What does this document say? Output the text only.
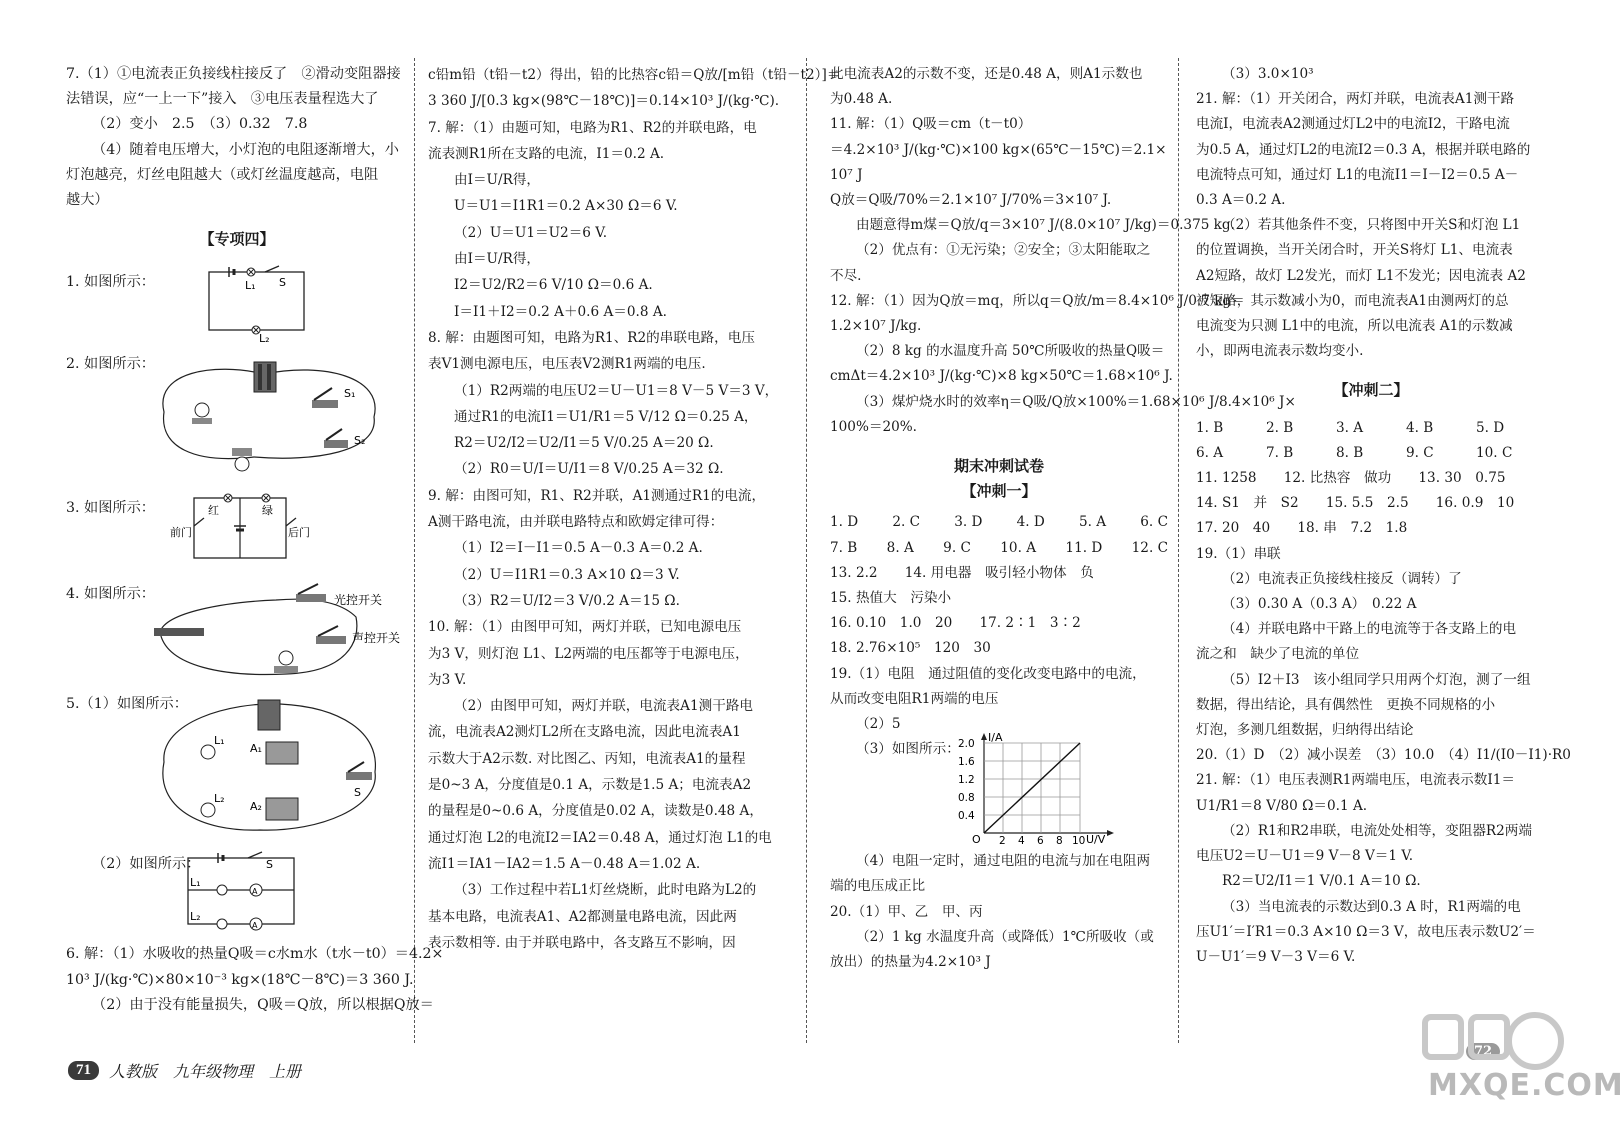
7.（1）①电流表正负接线柱接反了　②滑动变阻器接
法错误，应“一上一下”接入　③电压表量程选大了
（2）变小　2.5　（3）0.32　7.8
（4）随着电压增大，小灯泡的电阻逐渐增大，小
灯泡越亮，灯丝电阻越大（或灯丝温度越高，电阻
越大）
【专项四】
1. 如图所示：	S
L₁
L₂
2. 如图所示：
S₁
S₂
3. 如图所示：	红	绿
前门	后门
4. 如图所示：	光控开关
声控开关
5.（1）如图所示：
L₁
A₁
L₂
A₂
S
（2）如图所示：	S
L₁
A
L₂
A
6. 解：（1）水吸收的热量Q吸＝c水m水（t水－t0）＝4.2×
10³ J/(kg·℃)×80×10⁻³ kg×(18℃－8℃)＝3 360 J.
（2）由于没有能量损失，Q吸＝Q放，所以根据Q放＝
c铅m铅（t铅－t2）得出，铅的比热容c铅＝Q放/[m铅（t铅－t2）]＝
3 360 J/[0.3 kg×(98℃－18℃)]＝0.14×10³ J/(kg·℃).
7. 解：（1）由题可知，电路为R1、R2的并联电路，电
流表测R1所在支路的电流，I1＝0.2 A.
由I＝U/R得，
U＝U1＝I1R1＝0.2 A×30 Ω＝6 V.
（2）U＝U1＝U2＝6 V.
由I＝U/R得，
I2＝U2/R2＝6 V/10 Ω＝0.6 A.
I＝I1＋I2＝0.2 A＋0.6 A＝0.8 A.
8. 解：由题图可知，电路为R1、R2的串联电路，电压
表V1测电源电压，电压表V2测R1两端的电压.
（1）R2两端的电压U2＝U－U1＝8 V－5 V＝3 V，
通过R1的电流I1＝U1/R1＝5 V/12 Ω＝0.25 A，
R2＝U2/I2＝U2/I1＝5 V/0.25 A＝20 Ω.
（2）R0＝U/I＝U/I1＝8 V/0.25 A＝32 Ω.
9. 解：由图可知，R1、R2并联，A1测通过R1的电流，
A测干路电流，由并联电路特点和欧姆定律可得：
（1）I2＝I－I1＝0.5 A－0.3 A＝0.2 A.
（2）U＝I1R1＝0.3 A×10 Ω＝3 V.
（3）R2＝U/I2＝3 V/0.2 A＝15 Ω.
10. 解：（1）由图甲可知，两灯并联，已知电源电压
为3 V，则灯泡 L1、L2两端的电压都等于电源电压，
为3 V.
（2）由图甲可知，两灯并联，电流表A1测干路电
流，电流表A2测灯L2所在支路电流，因此电流表A1
示数大于A2示数. 对比图乙、丙知，电流表A1的量程
是0~3 A，分度值是0.1 A，示数是1.5 A；电流表A2
的量程是0~0.6 A，分度值是0.02 A，读数是0.48 A，
通过灯泡 L2的电流I2＝IA2＝0.48 A，通过灯泡 L1的电
流I1＝IA1－IA2＝1.5 A－0.48 A＝1.02 A.
（3）工作过程中若L1灯丝烧断，此时电路为L2的
基本电路，电流表A1、A2都测量电路电流，因此两
表示数相等. 由于并联电路中，各支路互不影响，因
此电流表A2的示数不变，还是0.48 A，则A1示数也
为0.48 A.
11. 解：（1）Q吸＝cm（t－t0）
＝4.2×10³ J/(kg·℃)×100 kg×(65℃－15℃)＝2.1×
10⁷ J
Q放＝Q吸/70%＝2.1×10⁷ J/70%＝3×10⁷ J.
由题意得m煤＝Q放/q＝3×10⁷ J/(8.0×10⁷ J/kg)＝0.375 kg.
（2）优点有：①无污染；②安全；③太阳能取之
不尽.
12. 解：（1）因为Q放＝mq，所以q＝Q放/m＝8.4×10⁶ J/0.7 kg＝
1.2×10⁷ J/kg.
（2）8 kg 的水温度升高 50℃所吸收的热量Q吸＝
cmΔt＝4.2×10³ J/(kg·℃)×8 kg×50℃＝1.68×10⁶ J.
（3）煤炉烧水时的效率η＝Q吸/Q放×100%＝1.68×10⁶ J/8.4×10⁶ J×
100%＝20%.
期末冲刺试卷
【冲刺一】
1. D	2. C	3. D	4. D	5. A	6. C
7. B 8. A 9. C 10. A 11. D 12. C
13. 2.2　　14. 用电器　吸引轻小物体　负
15. 热值大　污染小
16. 0.10　1.0　20　　17. 2∶1　3∶2
18. 2.76×10⁵　120　30
19.（1）电阻　通过阻值的变化改变电路中的电流，
从而改变电阻R1两端的电压
（2）5
（3）如图所示：
I/A
U/V
O
0.4
0.8
1.2
1.6
2.0
2 4 6 8 10
（4）电阻一定时，通过电阻的电流与加在电阻两
端的电压成正比
20.（1）甲、乙　甲、丙
（2）1 kg 水温度升高（或降低）1℃所吸收（或
放出）的热量为4.2×10³ J
（3）3.0×10³
21. 解：（1）开关闭合，两灯并联，电流表A1测干路
电流I，电流表A2测通过灯L2中的电流I2，干路电流
为0.5 A，通过灯L2的电流I2＝0.3 A，根据并联电路的
电流特点可知，通过灯 L1的电流I1＝I－I2＝0.5 A－
0.3 A＝0.2 A.
（2）若其他条件不变，只将图中开关S和灯泡 L1
的位置调换，当开关闭合时，开关S将灯 L1、电流表
A2短路，故灯 L2发光，而灯 L1不发光；因电流表 A2
被短路，其示数减小为0，而电流表A1由测两灯的总
电流变为只测 L1中的电流，所以电流表 A1的示数减
小，即两电流表示数均变小.
【冲刺二】
1. B	2. B	3. A	4. B	5. D
6. A	7. B	8. B	9. C	10. C
11. 1258　　12. 比热容　做功　　13. 30　0.75
14. S1　并　S2　　15. 5.5　2.5　　16. 0.9　10
17. 20　40　　18. 串　7.2　1.8
19.（1）串联
（2）电流表正负接线柱接反（调转）了
（3）0.30 A（0.3 A）　0.22 A
（4）并联电路中干路上的电流等于各支路上的电
流之和　缺少了电流的单位
（5）I2＋I3　该小组同学只用两个灯泡，测了一组
数据，得出结论，具有偶然性　更换不同规格的小
灯泡，多测几组数据，归纳得出结论
20.（1）D　（2）减小误差　（3）10.0　（4）I1/(I0－I1)·R0
21. 解：（1）电压表测R1两端电压，电流表示数I1＝
U1/R1＝8 V/80 Ω＝0.1 A.
（2）R1和R2串联，电流处处相等，变阻器R2两端
电压U2＝U－U1＝9 V－8 V＝1 V.
R2＝U2/I1＝1 V/0.1 A＝10 Ω.
（3）当电流表的示数达到0.3 A 时，R1两端的电
压U1′＝I′R1＝0.3 A×10 Ω＝3 V，故电压表示数U2′＝
U－U1′＝9 V－3 V＝6 V.
71	人教版　九年级物理　上册
72
MXQE.COM
